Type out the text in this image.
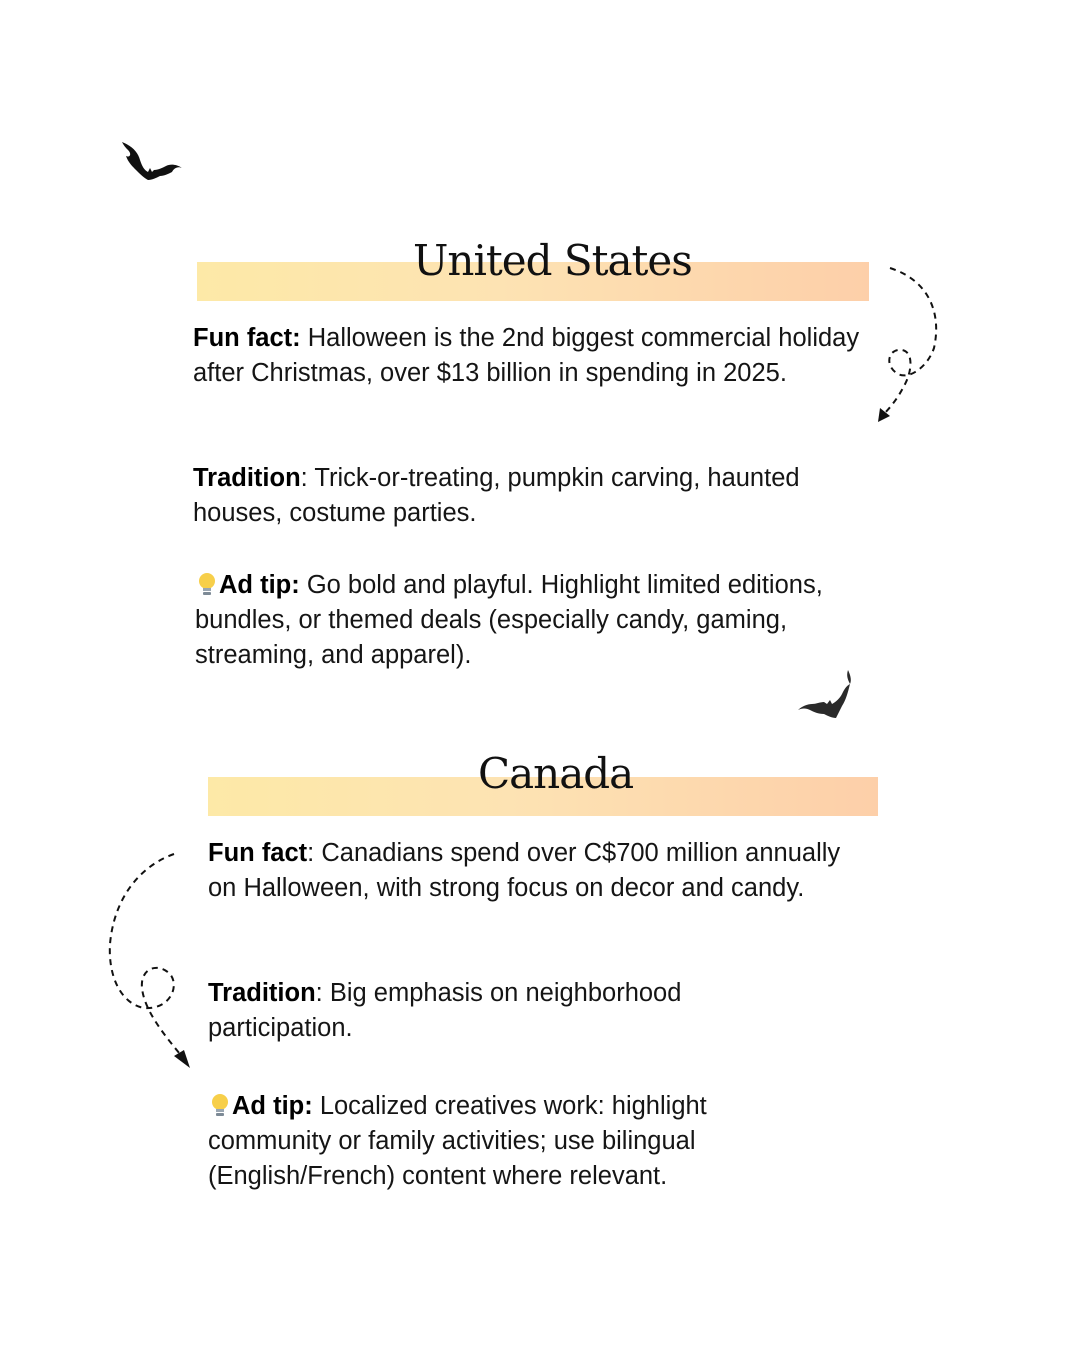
United States

Fun fact: Halloween is the 2nd biggest commercial holiday after Christmas, over $13 billion in spending in 2025.

Tradition: Trick-or-treating, pumpkin carving, haunted houses, costume parties.

Ad tip: Go bold and playful. Highlight limited editions, bundles, or themed deals (especially candy, gaming, streaming, and apparel).

Canada

Fun fact: Canadians spend over C$700 million annually on Halloween, with strong focus on decor and candy.

Tradition: Big emphasis on neighborhood participation.

Ad tip: Localized creatives work: highlight community or family activities; use bilingual (English/French) content where relevant.
